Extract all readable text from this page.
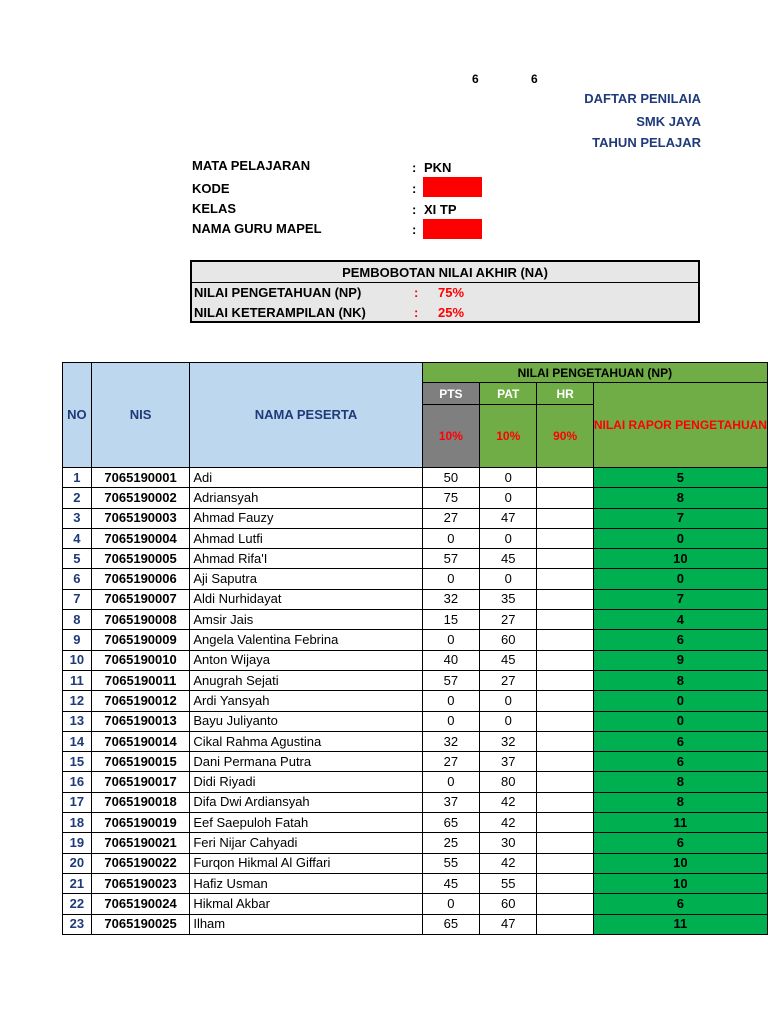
6	6
DAFTAR PENILAIA
SMK JAYA
TAHUN PELAJAR
MATA PELAJARAN	: PKN
KODE	:
KELAS	: XI TP
NAMA GURU MAPEL	:
PEMBOBOTAN NILAI AKHIR (NA)
NILAI PENGETAHUAN (NP)	: 75%
NILAI KETERAMPILAN (NK)	: 25%
NO	NIS	NAMA PESERTA	NILAI PENGETAHUAN (NP)			
			PTS	PAT	HR	NILAI RAPOR PENGETAHUAN
			10%	10%	90%	
1	7065190001	Adi	50	0		5
2	7065190002	Adriansyah	75	0		8
3	7065190003	Ahmad Fauzy	27	47		7
4	7065190004	Ahmad Lutfi	0	0		0
5	7065190005	Ahmad Rifa'I	57	45		10
6	7065190006	Aji Saputra	0	0		0
7	7065190007	Aldi Nurhidayat	32	35		7
8	7065190008	Amsir Jais	15	27		4
9	7065190009	Angela Valentina Febrina	0	60		6
10	7065190010	Anton Wijaya	40	45		9
11	7065190011	Anugrah Sejati	57	27		8
12	7065190012	Ardi Yansyah	0	0		0
13	7065190013	Bayu Juliyanto	0	0		0
14	7065190014	Cikal Rahma Agustina	32	32		6
15	7065190015	Dani Permana Putra	27	37		6
16	7065190017	Didi Riyadi	0	80		8
17	7065190018	Difa Dwi Ardiansyah	37	42		8
18	7065190019	Eef Saepuloh Fatah	65	42		11
19	7065190021	Feri Nijar Cahyadi	25	30		6
20	7065190022	Furqon Hikmal Al Giffari	55	42		10
21	7065190023	Hafiz Usman	45	55		10
22	7065190024	Hikmal Akbar	0	60		6
23	7065190025	Ilham	65	47		11
